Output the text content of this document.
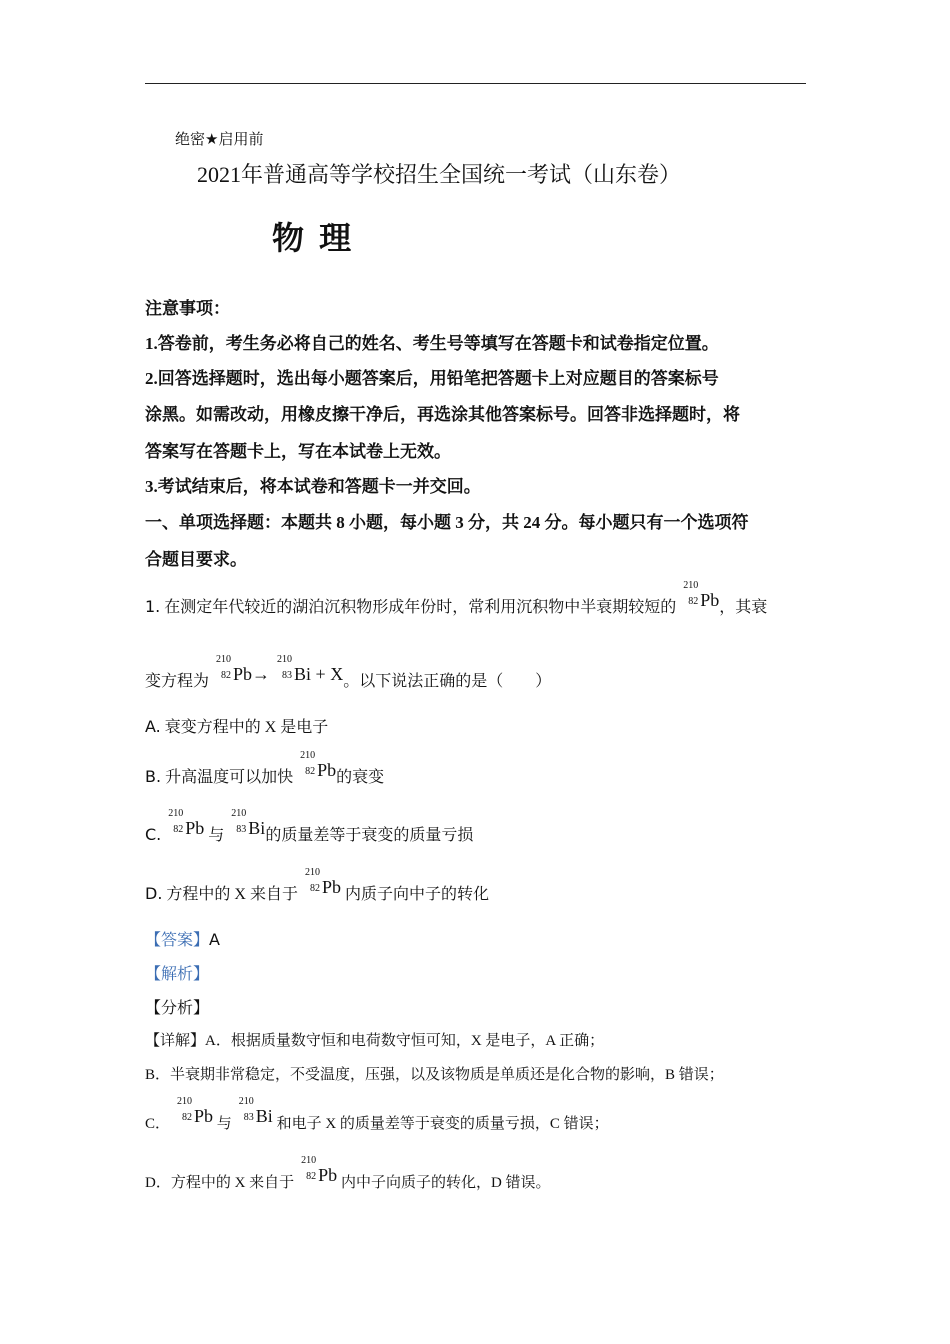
绝密★启用前
2021年普通高等学校招生全国统一考试（山东卷）
物 理
注意事项：
1.答卷前，考生务必将自己的姓名、考生号等填写在答题卡和试卷指定位置。
2.回答选择题时，选出每小题答案后，用铅笔把答题卡上对应题目的答案标号
涂黑。如需改动，用橡皮擦干净后，再选涂其他答案标号。回答非选择题时，将
答案写在答题卡上，写在本试卷上无效。
3.考试结束后，将本试卷和答题卡一并交回。
一、单项选择题：本题共 8 小题，每小题 3 分，共 24 分。每小题只有一个选项符
合题目要求。
1. 在测定年代较近的湖泊沉积物形成年份时，常利用沉积物中半衰期较短的
210
82 Pb，其衰
变方程为
210
82 Pb→
210
83 Bi + X。以下说法正确的是（　　）
A. 衰变方程中的 X 是电子
B. 升高温度可以加快
210
82 Pb的衰变
C.
210
82 Pb 与
210
83 Bi的质量差等于衰变的质量亏损
D. 方程中的 X 来自于
210
82 Pb 内质子向中子的转化
【答案】A
【解析】
【分析】
【详解】A．根据质量数守恒和电荷数守恒可知，X 是电子，A 正确；
B．半衰期非常稳定，不受温度，压强，以及该物质是单质还是化合物的影响，B 错误；
C．
210
82 Pb 与
210
83 Bi 和电子 X 的质量差等于衰变的质量亏损，C 错误；
D．方程中的 X 来自于
210
82 Pb 内中子向质子的转化，D 错误。
